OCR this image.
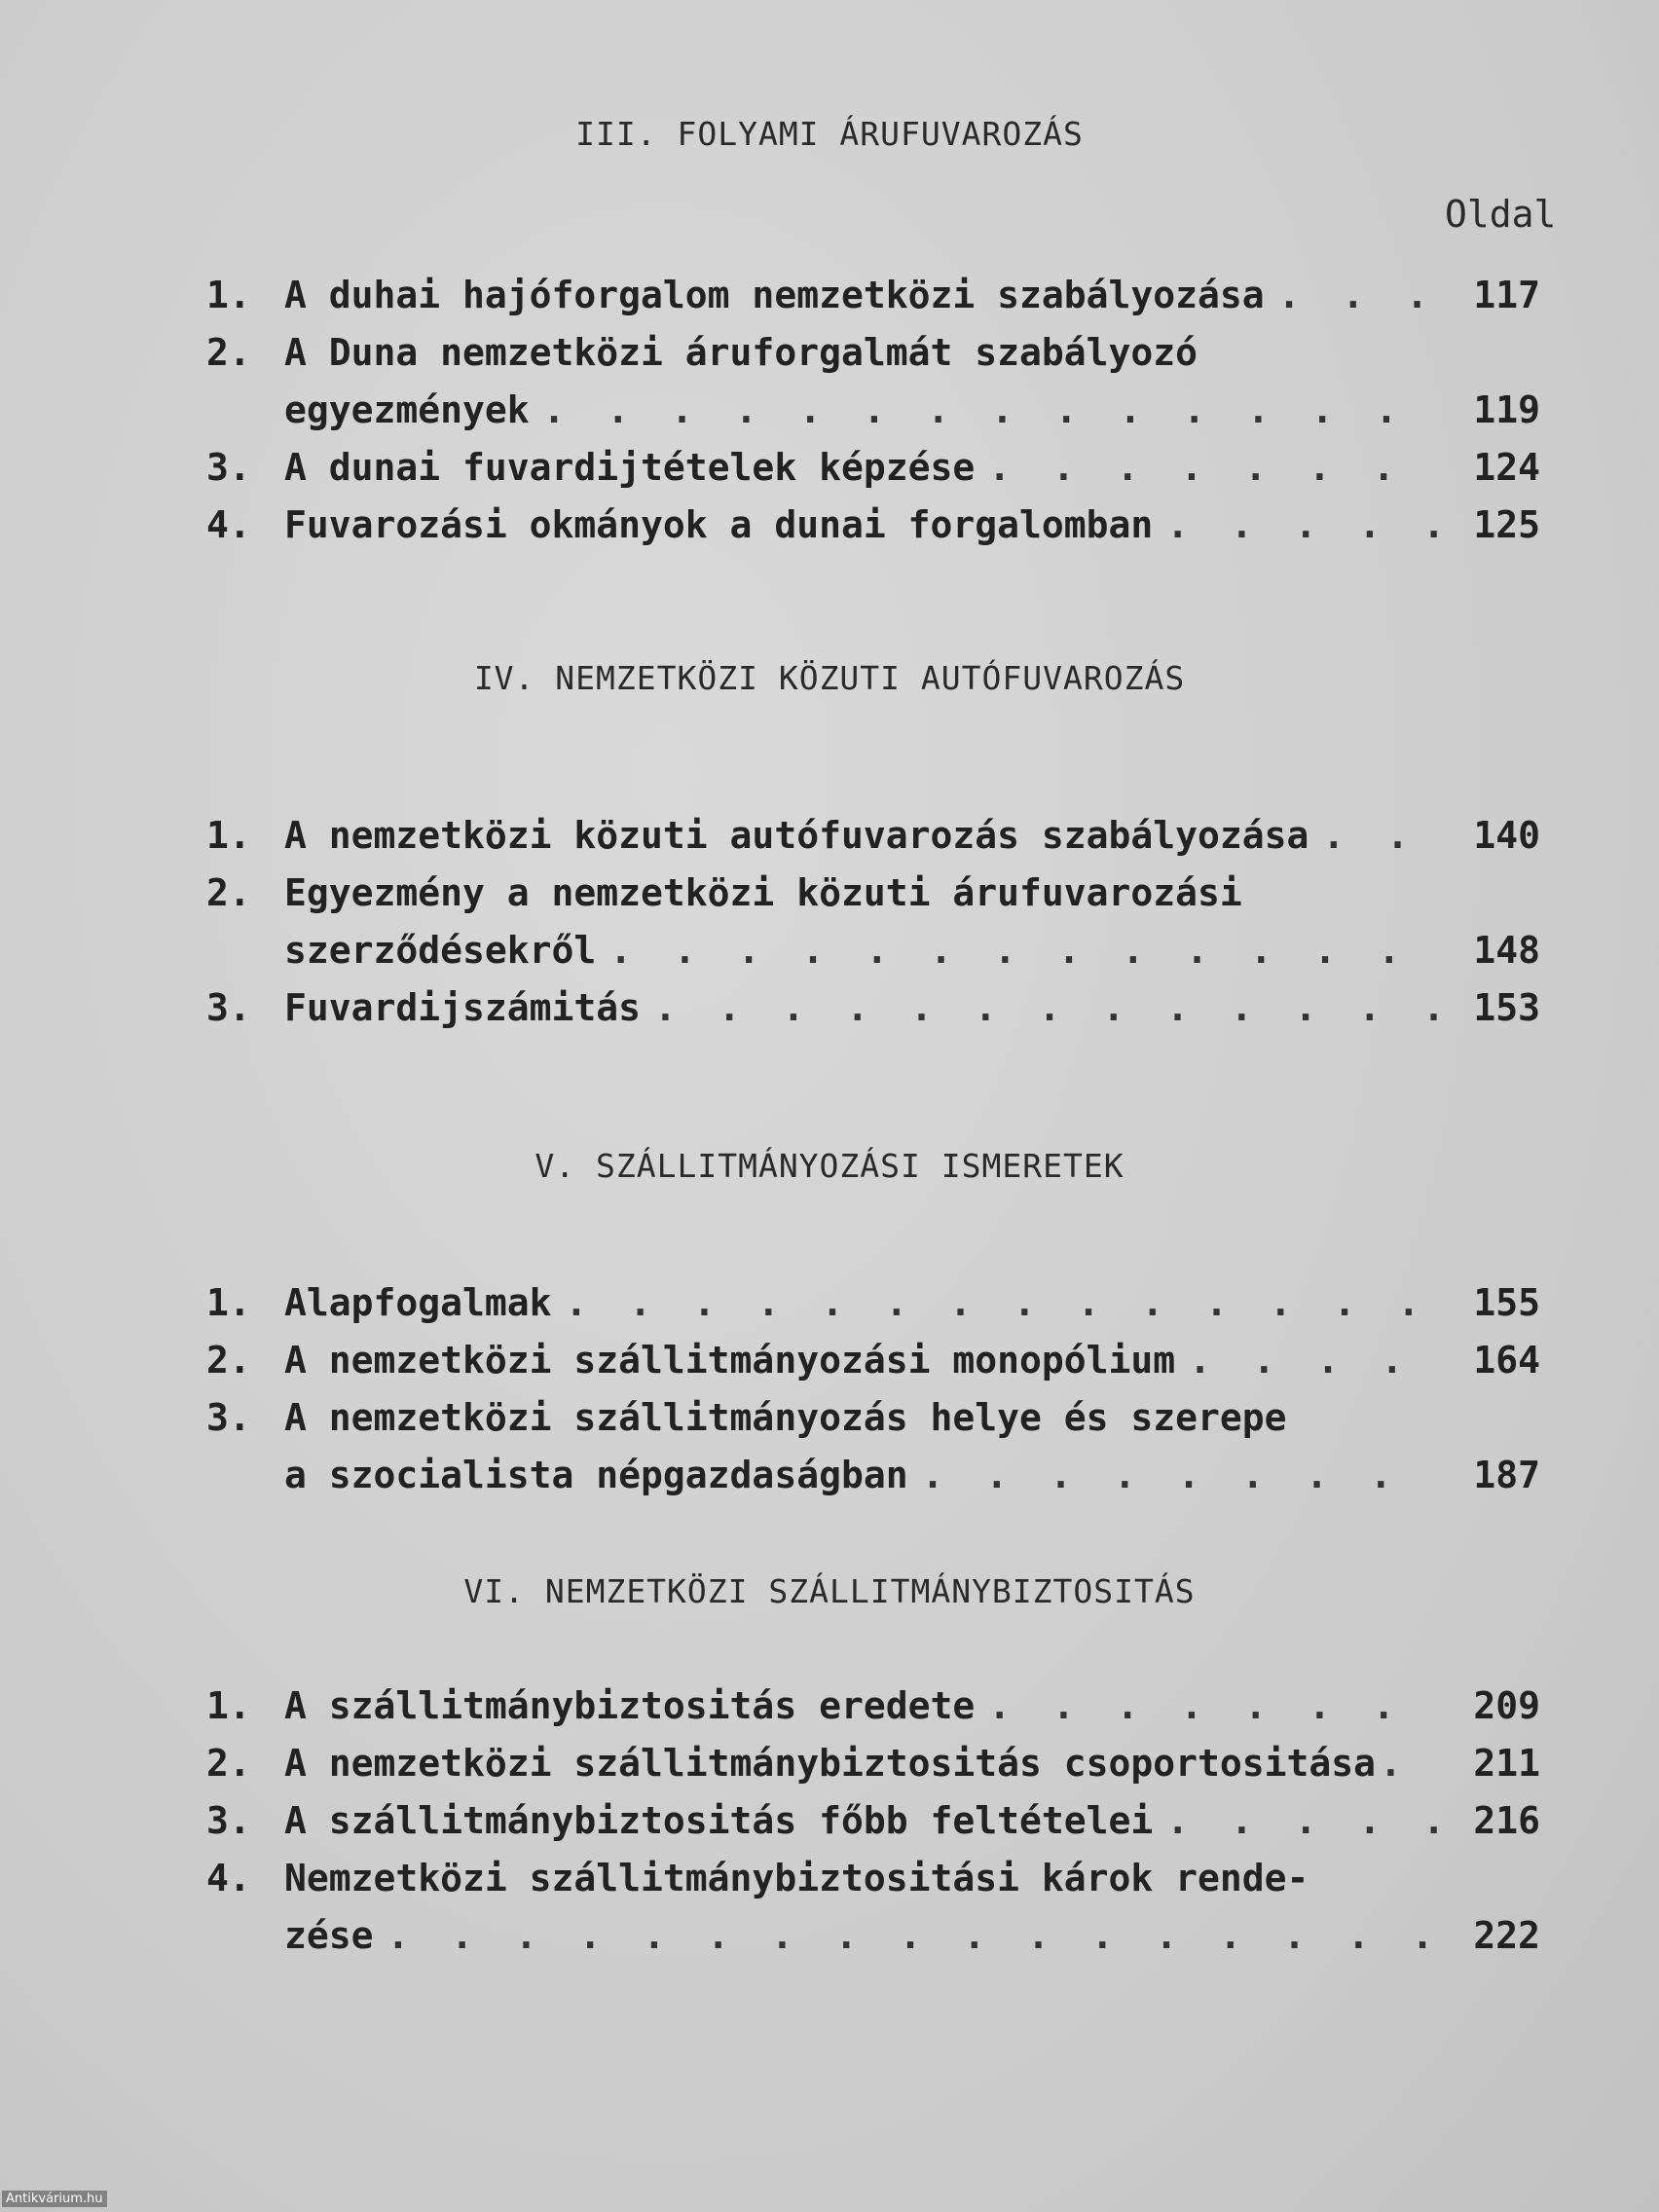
III. FOLYAMI ÁRUFUVAROZÁS
Oldal
1. A duhai hajóforgalom nemzetközi szabályozása . . .	117
2. A Duna nemzetközi áruforgalmát szabályozó
egyezmények . . .	119
3. A dunai fuvardijtételek képzése . . .	124
4. Fuvarozási okmányok a dunai forgalomban . . .	125
IV. NEMZETKÖZI KÖZUTI AUTÓFUVAROZÁS
1. A nemzetközi közuti autófuvarozás szabályozása . . .	140
2. Egyezmény a nemzetközi közuti árufuvarozási
szerződésekről . . .	148
3. Fuvardijszámitás . . .	153
V. SZÁLLITMÁNYOZÁSI ISMERETEK
1. Alapfogalmak . . .	155
2. A nemzetközi szállitmányozási monopólium . . .	164
3. A nemzetközi szállitmányozás helye és szerepe
a szocialista népgazdaságban . . .	187
VI. NEMZETKÖZI SZÁLLITMÁNYBIZTOSITÁS
1. A szállitmánybiztositás eredete . . .	209
2. A nemzetközi szállitmánybiztositás csoportositása . . .	211
3. A szállitmánybiztositás főbb feltételei . . .	216
4. Nemzetközi szállitmánybiztositási károk rende-
zése . . .	222
Antikvárium.hu
